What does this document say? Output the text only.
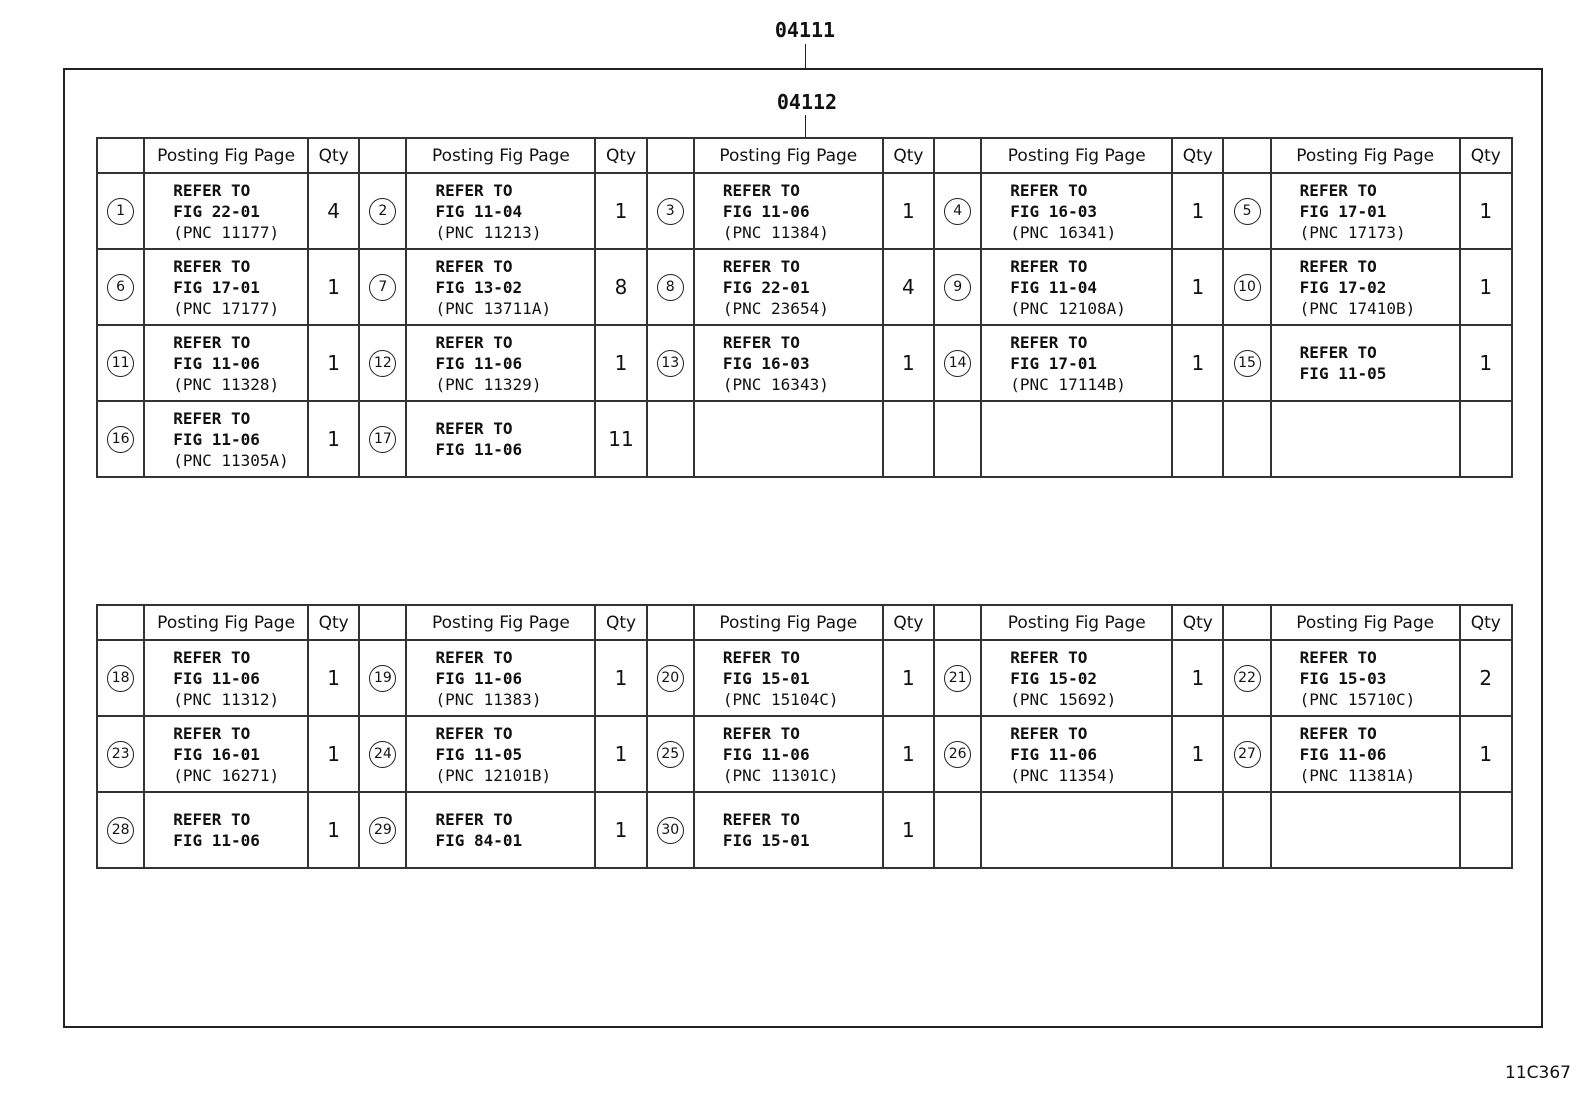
04111
04112
	Posting Fig Page	Qty		Posting Fig Page	Qty		Posting Fig Page	Qty		Posting Fig Page	Qty		Posting Fig Page	Qty
1	REFER TO
FIG 22-01
(PNC 11177)	4	2	REFER TO
FIG 11-04
(PNC 11213)	1	3	REFER TO
FIG 11-06
(PNC 11384)	1	4	REFER TO
FIG 16-03
(PNC 16341)	1	5	REFER TO
FIG 17-01
(PNC 17173)	1
6	REFER TO
FIG 17-01
(PNC 17177)	1	7	REFER TO
FIG 13-02
(PNC 13711A)	8	8	REFER TO
FIG 22-01
(PNC 23654)	4	9	REFER TO
FIG 11-04
(PNC 12108A)	1	10	REFER TO
FIG 17-02
(PNC 17410B)	1
11	REFER TO
FIG 11-06
(PNC 11328)	1	12	REFER TO
FIG 11-06
(PNC 11329)	1	13	REFER TO
FIG 16-03
(PNC 16343)	1	14	REFER TO
FIG 17-01
(PNC 17114B)	1	15	REFER TO
FIG 11-05	1
16	REFER TO
FIG 11-06
(PNC 11305A)	1	17	REFER TO
FIG 11-06	11									
	Posting Fig Page	Qty		Posting Fig Page	Qty		Posting Fig Page	Qty		Posting Fig Page	Qty		Posting Fig Page	Qty
18	REFER TO
FIG 11-06
(PNC 11312)	1	19	REFER TO
FIG 11-06
(PNC 11383)	1	20	REFER TO
FIG 15-01
(PNC 15104C)	1	21	REFER TO
FIG 15-02
(PNC 15692)	1	22	REFER TO
FIG 15-03
(PNC 15710C)	2
23	REFER TO
FIG 16-01
(PNC 16271)	1	24	REFER TO
FIG 11-05
(PNC 12101B)	1	25	REFER TO
FIG 11-06
(PNC 11301C)	1	26	REFER TO
FIG 11-06
(PNC 11354)	1	27	REFER TO
FIG 11-06
(PNC 11381A)	1
28	REFER TO
FIG 11-06	1	29	REFER TO
FIG 84-01	1	30	REFER TO
FIG 15-01	1						
11C367
